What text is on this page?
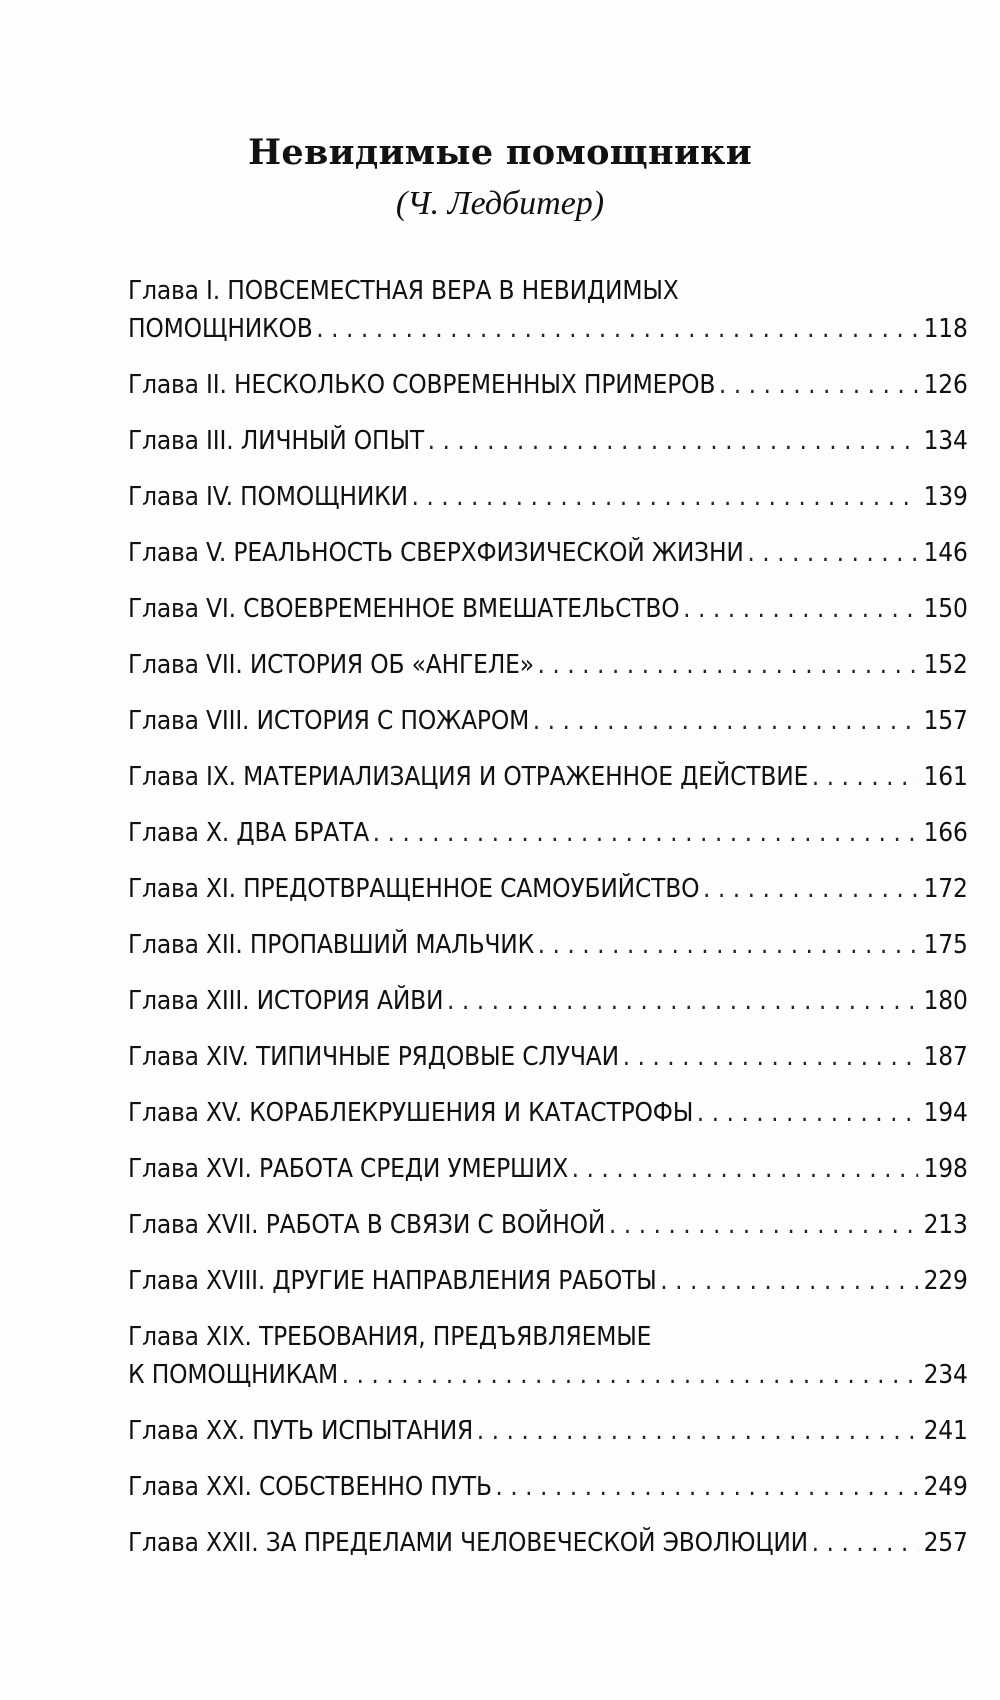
Невидимые помощники
(Ч. Ледбитер)
Глава I. ПОВСЕМЕСТНАЯ ВЕРА В НЕВИДИМЫХ
ПОМОЩНИКОВ . . .	118
Глава II. НЕСКОЛЬКО СОВРЕМЕННЫХ ПРИМЕРОВ . . .	126
Глава III. ЛИЧНЫЙ ОПЫТ . . .	134
Глава IV. ПОМОЩНИКИ . . .	139
Глава V. РЕАЛЬНОСТЬ СВЕРХФИЗИЧЕСКОЙ ЖИЗНИ . . .	146
Глава VI. СВОЕВРЕМЕННОЕ ВМЕШАТЕЛЬСТВО . . .	150
Глава VII. ИСТОРИЯ ОБ «АНГЕЛЕ» . . .	152
Глава VIII. ИСТОРИЯ С ПОЖАРОМ . . .	157
Глава IX. МАТЕРИАЛИЗАЦИЯ И ОТРАЖЕННОЕ ДЕЙСТВИЕ . . .	161
Глава X. ДВА БРАТА . . .	166
Глава XI. ПРЕДОТВРАЩЕННОЕ САМОУБИЙСТВО . . .	172
Глава XII. ПРОПАВШИЙ МАЛЬЧИК . . .	175
Глава XIII. ИСТОРИЯ АЙВИ . . .	180
Глава XIV. ТИПИЧНЫЕ РЯДОВЫЕ СЛУЧАИ . . .	187
Глава XV. КОРАБЛЕКРУШЕНИЯ И КАТАСТРОФЫ . . .	194
Глава XVI. РАБОТА СРЕДИ УМЕРШИХ . . .	198
Глава XVII. РАБОТА В СВЯЗИ С ВОЙНОЙ . . .	213
Глава XVIII. ДРУГИЕ НАПРАВЛЕНИЯ РАБОТЫ . . .	229
Глава XIX. ТРЕБОВАНИЯ, ПРЕДЪЯВЛЯЕМЫЕ
К ПОМОЩНИКАМ . . .	234
Глава XX. ПУТЬ ИСПЫТАНИЯ . . .	241
Глава XXI. СОБСТВЕННО ПУТЬ . . .	249
Глава XXII. ЗА ПРЕДЕЛАМИ ЧЕЛОВЕЧЕСКОЙ ЭВОЛЮЦИИ . . .	257
